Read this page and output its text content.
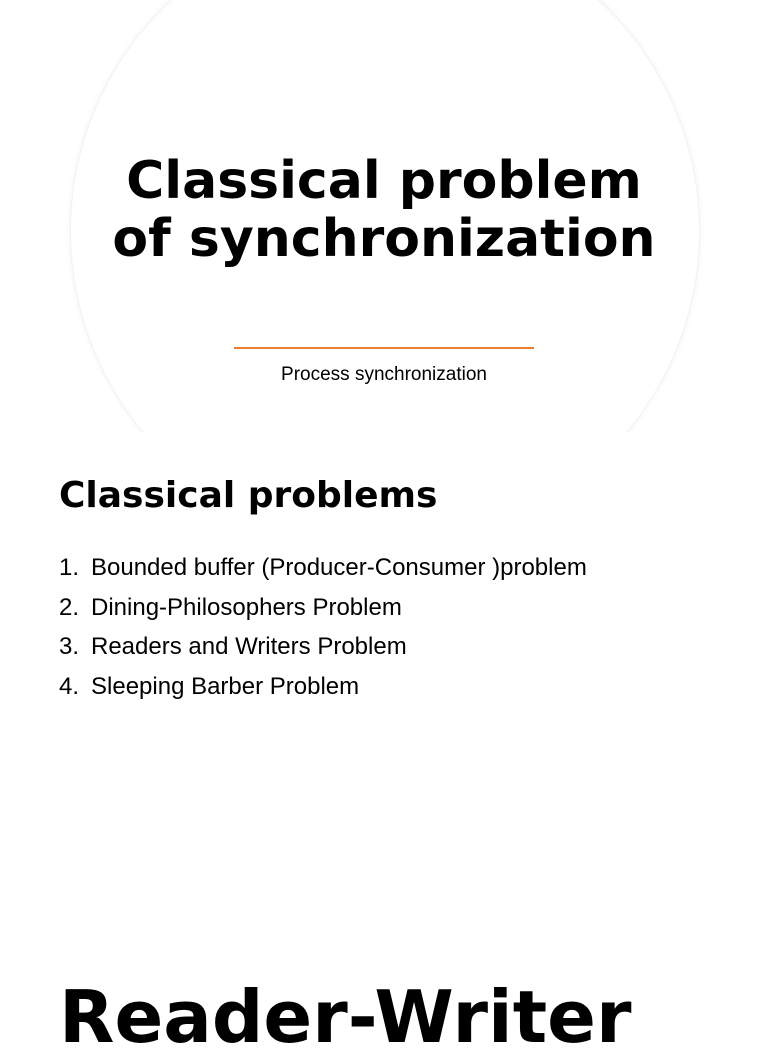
Classical problem
of synchronization
Process synchronization
Classical problems
1. Bounded buffer (Producer-Consumer )problem
2. Dining-Philosophers Problem
3. Readers and Writers Problem
4. Sleeping Barber Problem
Reader-Writer
